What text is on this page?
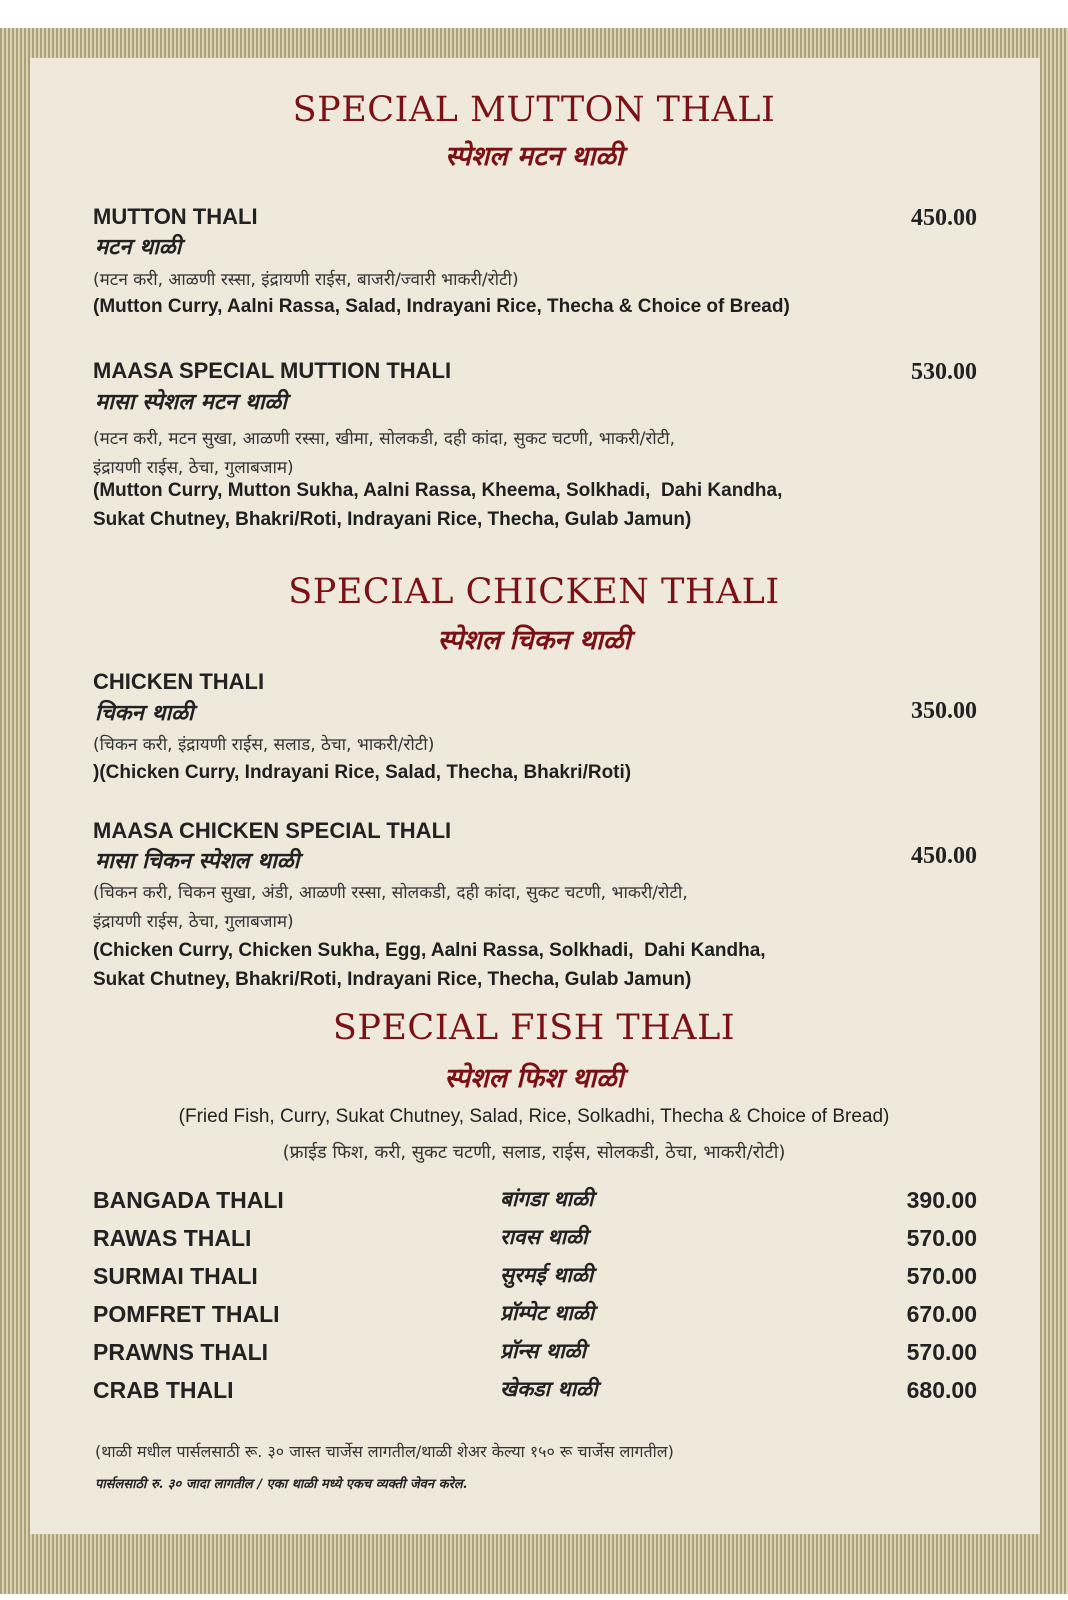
SPECIAL MUTTON THALI
स्पेशल मटन थाळी
MUTTON THALI
मटन थाळी
(मटन करी, आळणी रस्सा, इंद्रायणी राईस, बाजरी/ज्वारी भाकरी/रोटी)
(Mutton Curry, Aalni Rassa, Salad, Indrayani Rice, Thecha & Choice of Bread)
450.00
MAASA SPECIAL MUTTION THALI
मासा स्पेशल मटन थाळी
(मटन करी, मटन सुखा, आळणी रस्सा, खीमा, सोलकडी, दही कांदा, सुकट चटणी, भाकरी/रोटी,
इंद्रायणी राईस, ठेचा, गुलाबजाम)
(Mutton Curry, Mutton Sukha, Aalni Rassa, Kheema, Solkhadi,  Dahi Kandha,
Sukat Chutney, Bhakri/Roti, Indrayani Rice, Thecha, Gulab Jamun)
530.00
SPECIAL CHICKEN THALI
स्पेशल चिकन थाळी
CHICKEN THALI
चिकन थाळी
(चिकन करी, इंद्रायणी राईस, सलाड, ठेचा, भाकरी/रोटी)
)(Chicken Curry, Indrayani Rice, Salad, Thecha, Bhakri/Roti)
350.00
MAASA CHICKEN SPECIAL THALI
मासा चिकन स्पेशल थाळी
(चिकन करी, चिकन सुखा, अंडी, आळणी रस्सा, सोलकडी, दही कांदा, सुकट चटणी, भाकरी/रोटी,
इंद्रायणी राईस, ठेचा, गुलाबजाम)
(Chicken Curry, Chicken Sukha, Egg, Aalni Rassa, Solkhadi,  Dahi Kandha,
Sukat Chutney, Bhakri/Roti, Indrayani Rice, Thecha, Gulab Jamun)
450.00
SPECIAL FISH THALI
स्पेशल फिश थाळी
(Fried Fish, Curry, Sukat Chutney, Salad, Rice, Solkadhi, Thecha & Choice of Bread)
(फ्राईड फिश, करी, सुकट चटणी, सलाड, राईस, सोलकडी, ठेचा, भाकरी/रोटी)
BANGADA THALI	बांगडा थाळी	390.00
RAWAS THALI	रावस थाळी	570.00
SURMAI THALI	सुरमई थाळी	570.00
POMFRET THALI	प्रॉम्पेट थाळी	670.00
PRAWNS THALI	प्रॉन्स थाळी	570.00
CRAB THALI	खेकडा थाळी	680.00
(थाळी मधील पार्सलसाठी रू. ३० जास्त चार्जेस लागतील/थाळी शेअर केल्या १५० रू चार्जेस लागतील)
पार्सलसाठी रु. ३० जादा लागतील / एका थाळी मध्ये एकच व्यक्ती जेवन करेल.
